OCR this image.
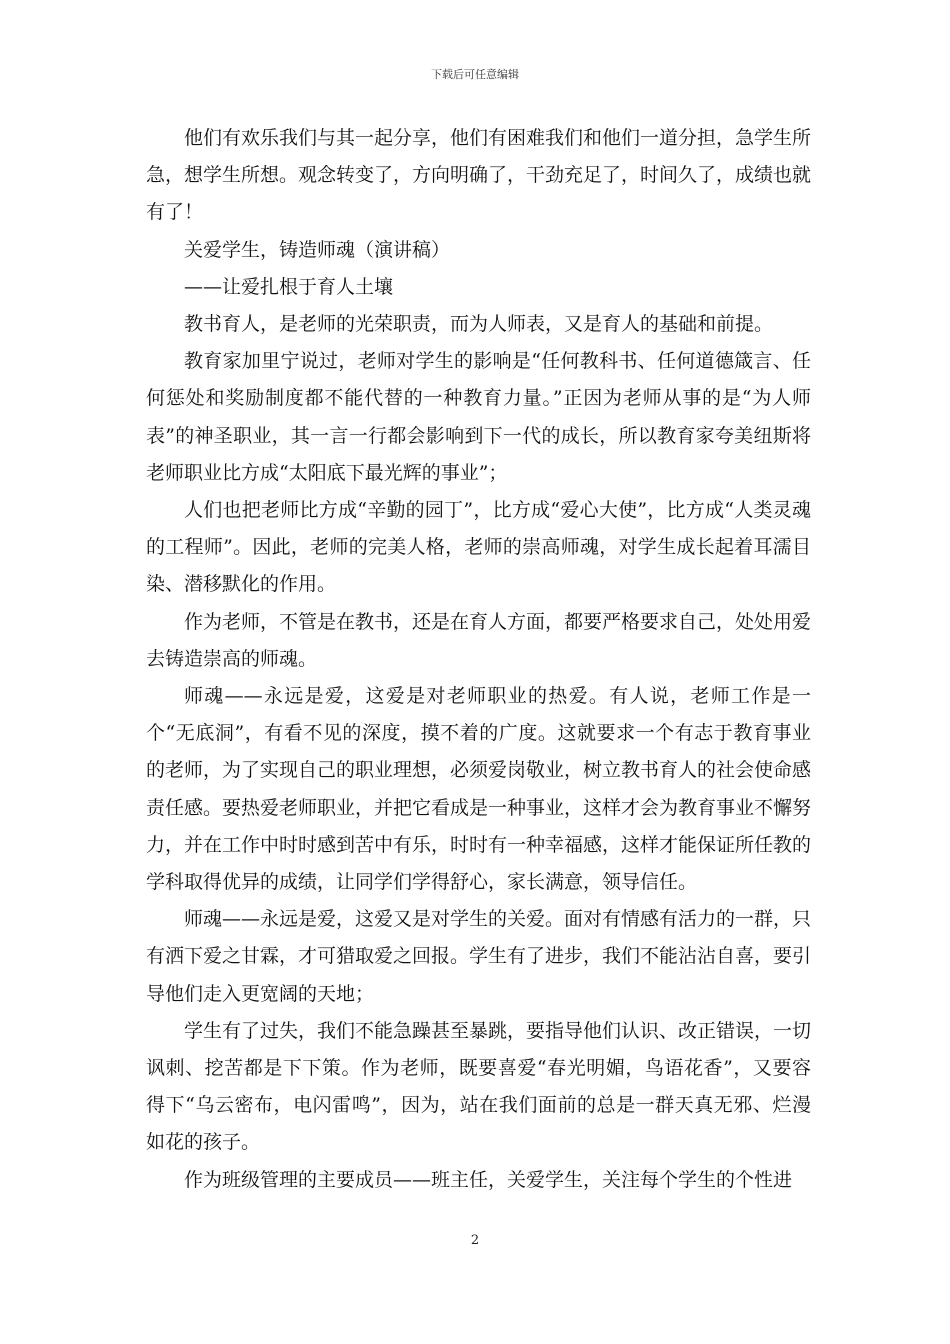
下载后可任意编辑

他们有欢乐我们与其一起分享，他们有困难我们和他们一道分担，急学生所急，想学生所想。观念转变了，方向明确了，干劲充足了，时间久了，成绩也就有了！

关爱学生，铸造师魂（演讲稿）

——让爱扎根于育人土壤

教书育人，是老师的光荣职责，而为人师表，又是育人的基础和前提。

教育家加里宁说过，老师对学生的影响是“任何教科书、任何道德箴言、任何惩处和奖励制度都不能代替的一种教育力量。”正因为老师从事的是“为人师表”的神圣职业，其一言一行都会影响到下一代的成长，所以教育家夸美纽斯将老师职业比方成“太阳底下最光辉的事业”；

人们也把老师比方成“辛勤的园丁”，比方成“爱心大使”，比方成“人类灵魂的工程师”。因此，老师的完美人格，老师的崇高师魂，对学生成长起着耳濡目染、潜移默化的作用。

作为老师，不管是在教书，还是在育人方面，都要严格要求自己，处处用爱去铸造崇高的师魂。

师魂——永远是爱，这爱是对老师职业的热爱。有人说，老师工作是一个“无底洞”，有看不见的深度，摸不着的广度。这就要求一个有志于教育事业的老师，为了实现自己的职业理想，必须爱岗敬业，树立教书育人的社会使命感责任感。要热爱老师职业，并把它看成是一种事业，这样才会为教育事业不懈努力，并在工作中时时感到苦中有乐，时时有一种幸福感，这样才能保证所任教的学科取得优异的成绩，让同学们学得舒心，家长满意，领导信任。

师魂——永远是爱，这爱又是对学生的关爱。面对有情感有活力的一群，只有洒下爱之甘霖，才可猎取爱之回报。学生有了进步，我们不能沾沾自喜，要引导他们走入更宽阔的天地；

学生有了过失，我们不能急躁甚至暴跳，要指导他们认识、改正错误，一切讽刺、挖苦都是下下策。作为老师，既要喜爱“春光明媚，鸟语花香”，又要容得下“乌云密布，电闪雷鸣”，因为，站在我们面前的总是一群天真无邪、烂漫如花的孩子。

作为班级管理的主要成员——班主任，关爱学生，关注每个学生的个性进

2
